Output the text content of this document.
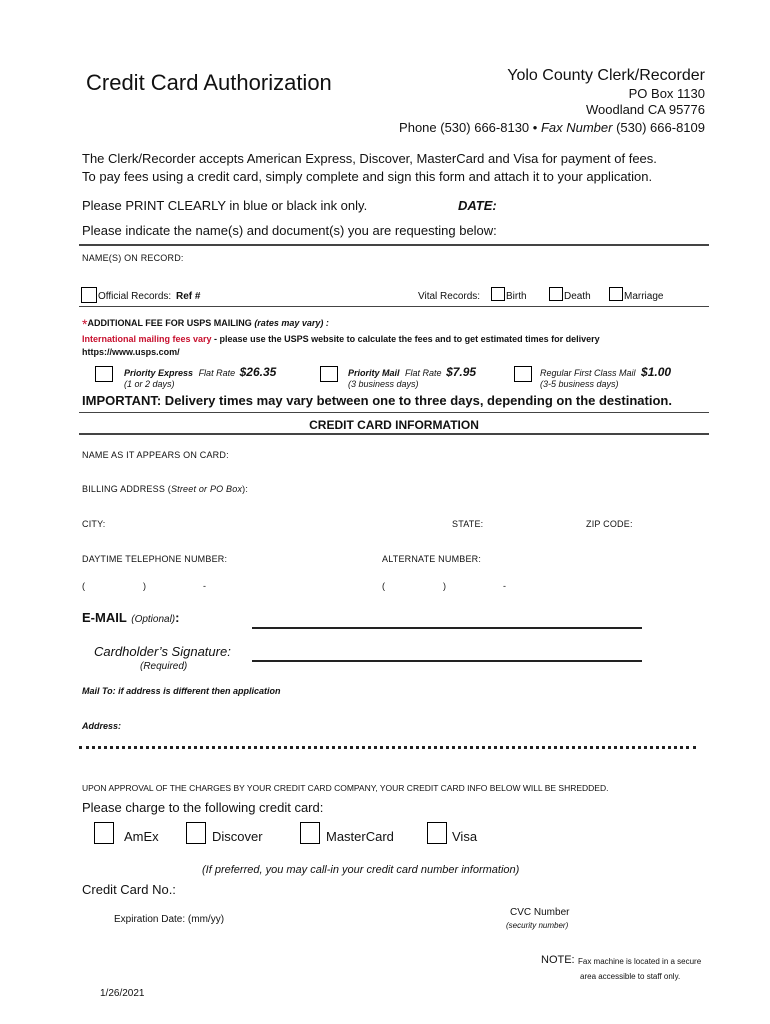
Credit Card Authorization	Yolo County Clerk/Recorder
PO Box 1130
Woodland CA 95776
Phone (530) 666-8130 • Fax Number (530) 666-8109
The Clerk/Recorder accepts American Express, Discover, MasterCard and Visa for payment of fees.
To pay fees using a credit card, simply complete and sign this form and attach it to your application.
Please PRINT CLEARLY in blue or black ink only.	DATE:
Please indicate the name(s) and document(s) you are requesting below:
NAME(S) ON RECORD:
Official Records: Ref #	Vital Records:	Birth	Death	Marriage
*ADDITIONAL FEE FOR USPS MAILING (rates may vary) :
International mailing fees vary - please use the USPS website to calculate the fees and to get estimated times for delivery
https://www.usps.com/
Priority Express Flat Rate $26.35
(1 or 2 days)
Priority Mail Flat Rate $7.95
(3 business days)
Regular First Class Mail $1.00
(3-5 business days)
IMPORTANT: Delivery times may vary between one to three days, depending on the destination.
CREDIT CARD INFORMATION
NAME AS IT APPEARS ON CARD:
BILLING ADDRESS (Street or PO Box):
CITY:	STATE:	ZIP CODE:
DAYTIME TELEPHONE NUMBER:	ALTERNATE NUMBER:
(	)	-	(	)	-
E-MAIL (Optional):
Cardholder’s Signature:
(Required)
Mail To: if address is different then application
Address:
UPON APPROVAL OF THE CHARGES BY YOUR CREDIT CARD COMPANY, YOUR CREDIT CARD INFO BELOW WILL BE SHREDDED.
Please charge to the following credit card:
AmEx	Discover	MasterCard	Visa
(If preferred, you may call-in your credit card number information)
Credit Card No.:
Expiration Date: (mm/yy)
CVC Number
(security number)
NOTE: Fax machine is located in a secure
area accessible to staff only.
1/26/2021
